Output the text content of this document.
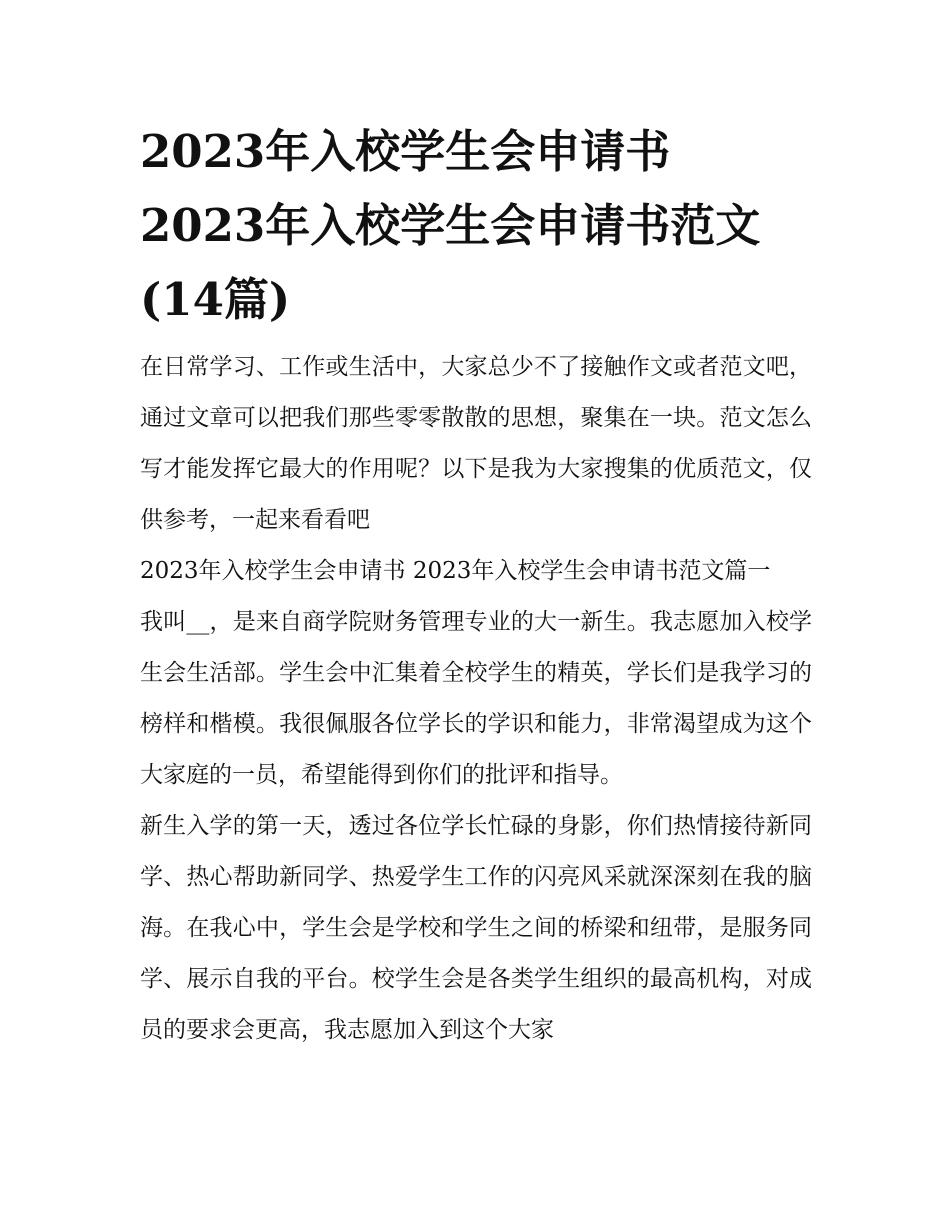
2023年入校学生会申请书
2023年入校学生会申请书范文
(14篇)

在日常学习、工作或生活中，大家总少不了接触作文或者范文吧，通过文章可以把我们那些零零散散的思想，聚集在一块。范文怎么写才能发挥它最大的作用呢？以下是我为大家搜集的优质范文，仅供参考，一起来看看吧

2023年入校学生会申请书 2023年入校学生会申请书范文篇一

我叫__，是来自商学院财务管理专业的大一新生。我志愿加入校学生会生活部。学生会中汇集着全校学生的精英，学长们是我学习的榜样和楷模。我很佩服各位学长的学识和能力，非常渴望成为这个大家庭的一员，希望能得到你们的批评和指导。

新生入学的第一天，透过各位学长忙碌的身影，你们热情接待新同学、热心帮助新同学、热爱学生工作的闪亮风采就深深刻在我的脑海。在我心中，学生会是学校和学生之间的桥梁和纽带，是服务同学、展示自我的平台。校学生会是各类学生组织的最高机构，对成员的要求会更高，我志愿加入到这个大家
